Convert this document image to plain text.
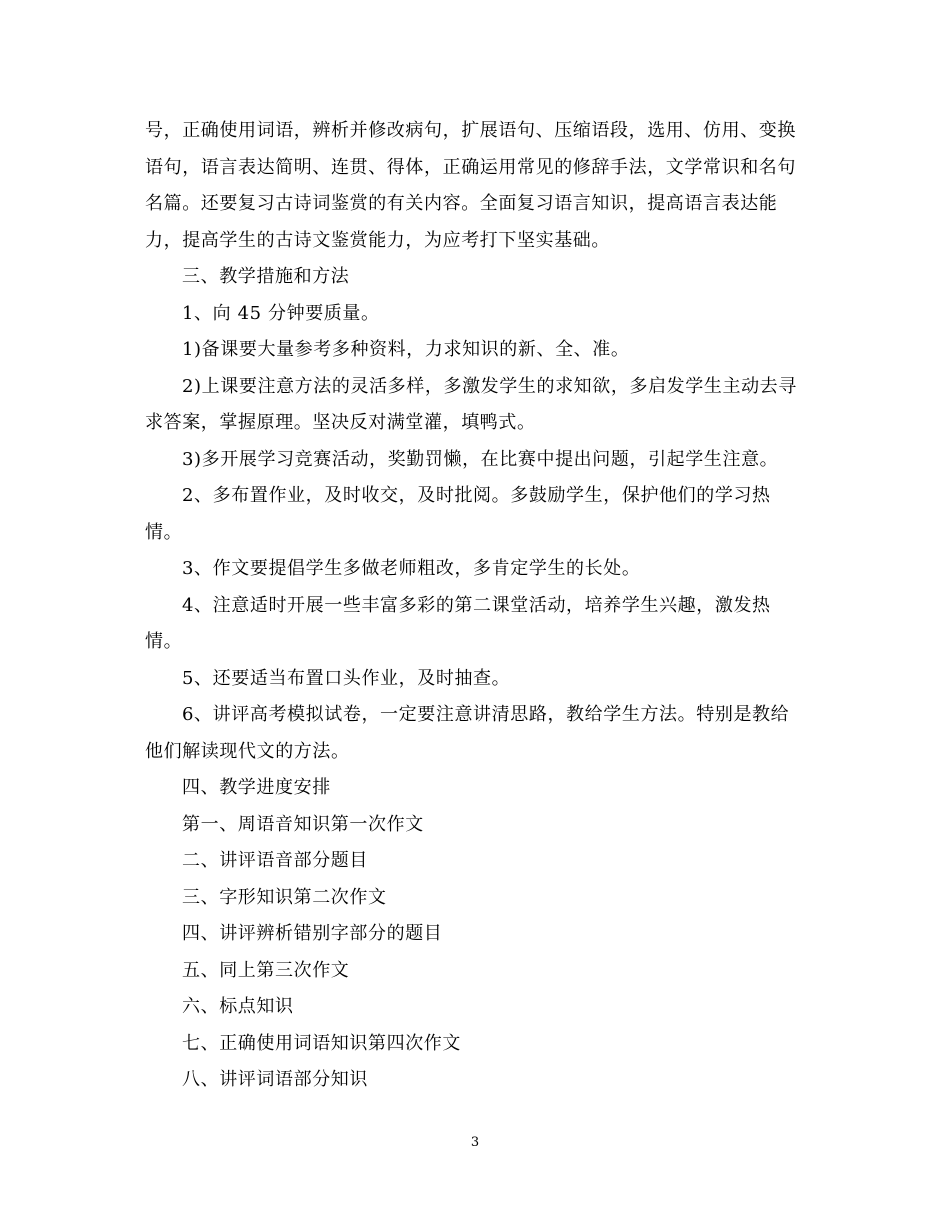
号，正确使用词语，辨析并修改病句，扩展语句、压缩语段，选用、仿用、变换语句，语言表达简明、连贯、得体，正确运用常见的修辞手法，文学常识和名句名篇。还要复习古诗词鉴赏的有关内容。全面复习语言知识，提高语言表达能力，提高学生的古诗文鉴赏能力，为应考打下坚实基础。

三、教学措施和方法

1、向 45 分钟要质量。

1)备课要大量参考多种资料，力求知识的新、全、准。

2)上课要注意方法的灵活多样，多激发学生的求知欲，多启发学生主动去寻求答案，掌握原理。坚决反对满堂灌，填鸭式。

3)多开展学习竞赛活动，奖勤罚懒，在比赛中提出问题，引起学生注意。

2、多布置作业，及时收交，及时批阅。多鼓励学生，保护他们的学习热情。

3、作文要提倡学生多做老师粗改，多肯定学生的长处。

4、注意适时开展一些丰富多彩的第二课堂活动，培养学生兴趣，激发热情。

5、还要适当布置口头作业，及时抽查。

6、讲评高考模拟试卷，一定要注意讲清思路，教给学生方法。特别是教给他们解读现代文的方法。

四、教学进度安排

第一、周语音知识第一次作文

二、讲评语音部分题目

三、字形知识第二次作文

四、讲评辨析错别字部分的题目

五、同上第三次作文

六、标点知识

七、正确使用词语知识第四次作文

八、讲评词语部分知识

3
